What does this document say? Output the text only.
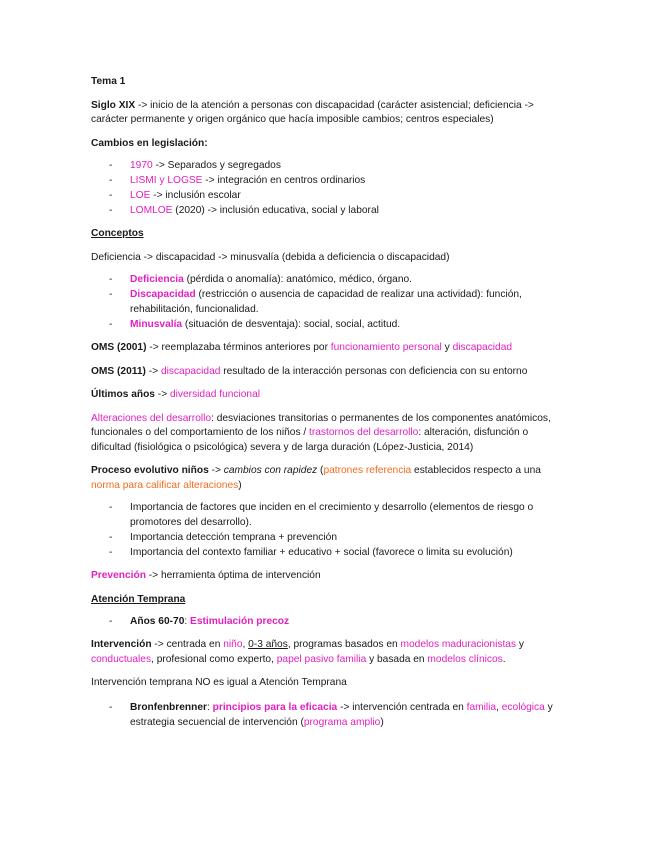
Tema 1

Siglo XIX -> inicio de la atención a personas con discapacidad (carácter asistencial; deficiencia -> carácter permanente y origen orgánico que hacía imposible cambios; centros especiales)

Cambios en legislación:

- 1970 -> Separados y segregados
- LISMI y LOGSE -> integración en centros ordinarios
- LOE -> inclusión escolar
- LOMLOE (2020) -> inclusión educativa, social y laboral

Conceptos

Deficiencia -> discapacidad -> minusvalía (debida a deficiencia o discapacidad)

- Deficiencia (pérdida o anomalía): anatómico, médico, órgano.
- Discapacidad (restricción o ausencia de capacidad de realizar una actividad): función, rehabilitación, funcionalidad.
- Minusvalía (situación de desventaja): social, social, actitud.

OMS (2001) -> reemplazaba términos anteriores por funcionamiento personal y discapacidad

OMS (2011) -> discapacidad resultado de la interacción personas con deficiencia con su entorno

Últimos años -> diversidad funcional

Alteraciones del desarrollo: desviaciones transitorias o permanentes de los componentes anatómicos, funcionales o del comportamiento de los niños / trastornos del desarrollo: alteración, disfunción o dificultad (fisiológica o psicológica) severa y de larga duración (López-Justicia, 2014)

Proceso evolutivo niños -> cambios con rapidez (patrones referencia establecidos respecto a una norma para calificar alteraciones)

- Importancia de factores que inciden en el crecimiento y desarrollo (elementos de riesgo o promotores del desarrollo).
- Importancia detección temprana + prevención
- Importancia del contexto familiar + educativo + social (favorece o limita su evolución)

Prevención -> herramienta óptima de intervención

Atención Temprana

- Años 60-70: Estimulación precoz

Intervención -> centrada en niño, 0-3 años, programas basados en modelos maduracionistas y conductuales, profesional como experto, papel pasivo familia y basada en modelos clínicos.

Intervención temprana NO es igual a Atención Temprana

- Bronfenbrenner: principios para la eficacia -> intervención centrada en familia, ecológica y estrategia secuencial de intervención (programa amplio)
